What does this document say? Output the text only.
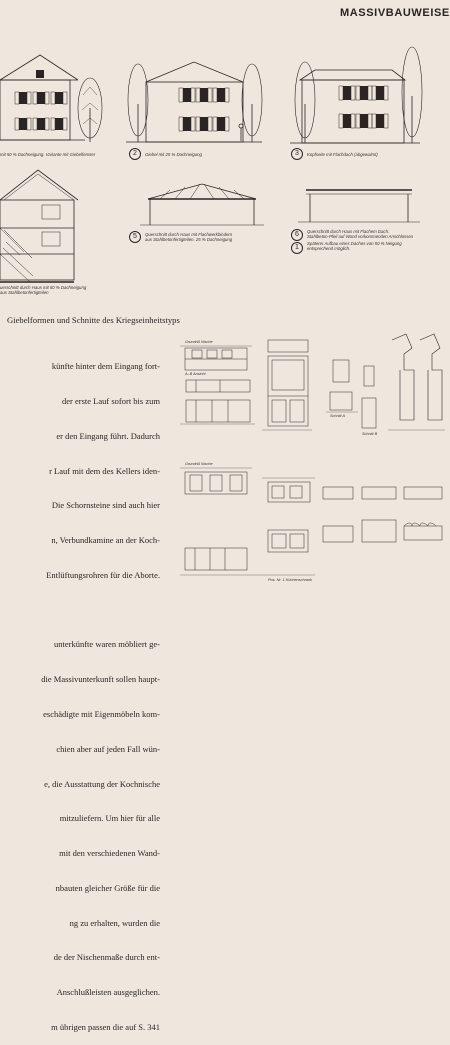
MASSIVBAUWEISE
mit 50 % Dachneigung. Variante mit Giebelfenster	2	Giebel mit 25 % Dachneigung	3	Kopfseite mit Flachdach (abgewalmt)
uerschnitt durch Haus mit 50 % Dachneigung
aus Stahlbetonfertigteilen
5	Querschnitt durch Haus mit Flachwerkbindern
aus Stahlbetonfertigteilen. 25 % Dachneigung
6	Querschnitt durch Haus mit Flachem Dach.
Stahlbeton-Pfeil auf Wand vorkommenden Anschlüssen
1
Späterer Aufbau eines Daches von 50 % Neigung entsprechend möglich.
Giebelformen und Schnitte des Kriegseinheitstyps

künfte hinter dem Eingang fort-

der erste Lauf sofort bis zum

er den Eingang führt. Dadurch

r Lauf mit dem des Kellers iden-

Die Schornsteine sind auch hier

n, Verbundkamine an der Koch-

Entlüftungsrohren für die Aborte.

unterkünfte waren möbliert ge-

die Massivunterkunft sollen haupt-

eschädigte mit Eigenmöbeln kom-

chien aber auf jeden Fall wün-

e, die Ausstattung der Kochnische

mitzuliefern. Um hier für alle

mit den verschiedenen Wand-

nbauten gleicher Größe für die

ng zu erhalten, wurden die

de der Nischenmaße durch ent-

Anschlußleisten ausgeglichen.

m übrigen passen die auf S. 341

Grundriß Nische
A–B Ansicht
Grundriß Nische
Schnitt A
Schnitt B
Pos. Nr. 1 Küchenschrank
